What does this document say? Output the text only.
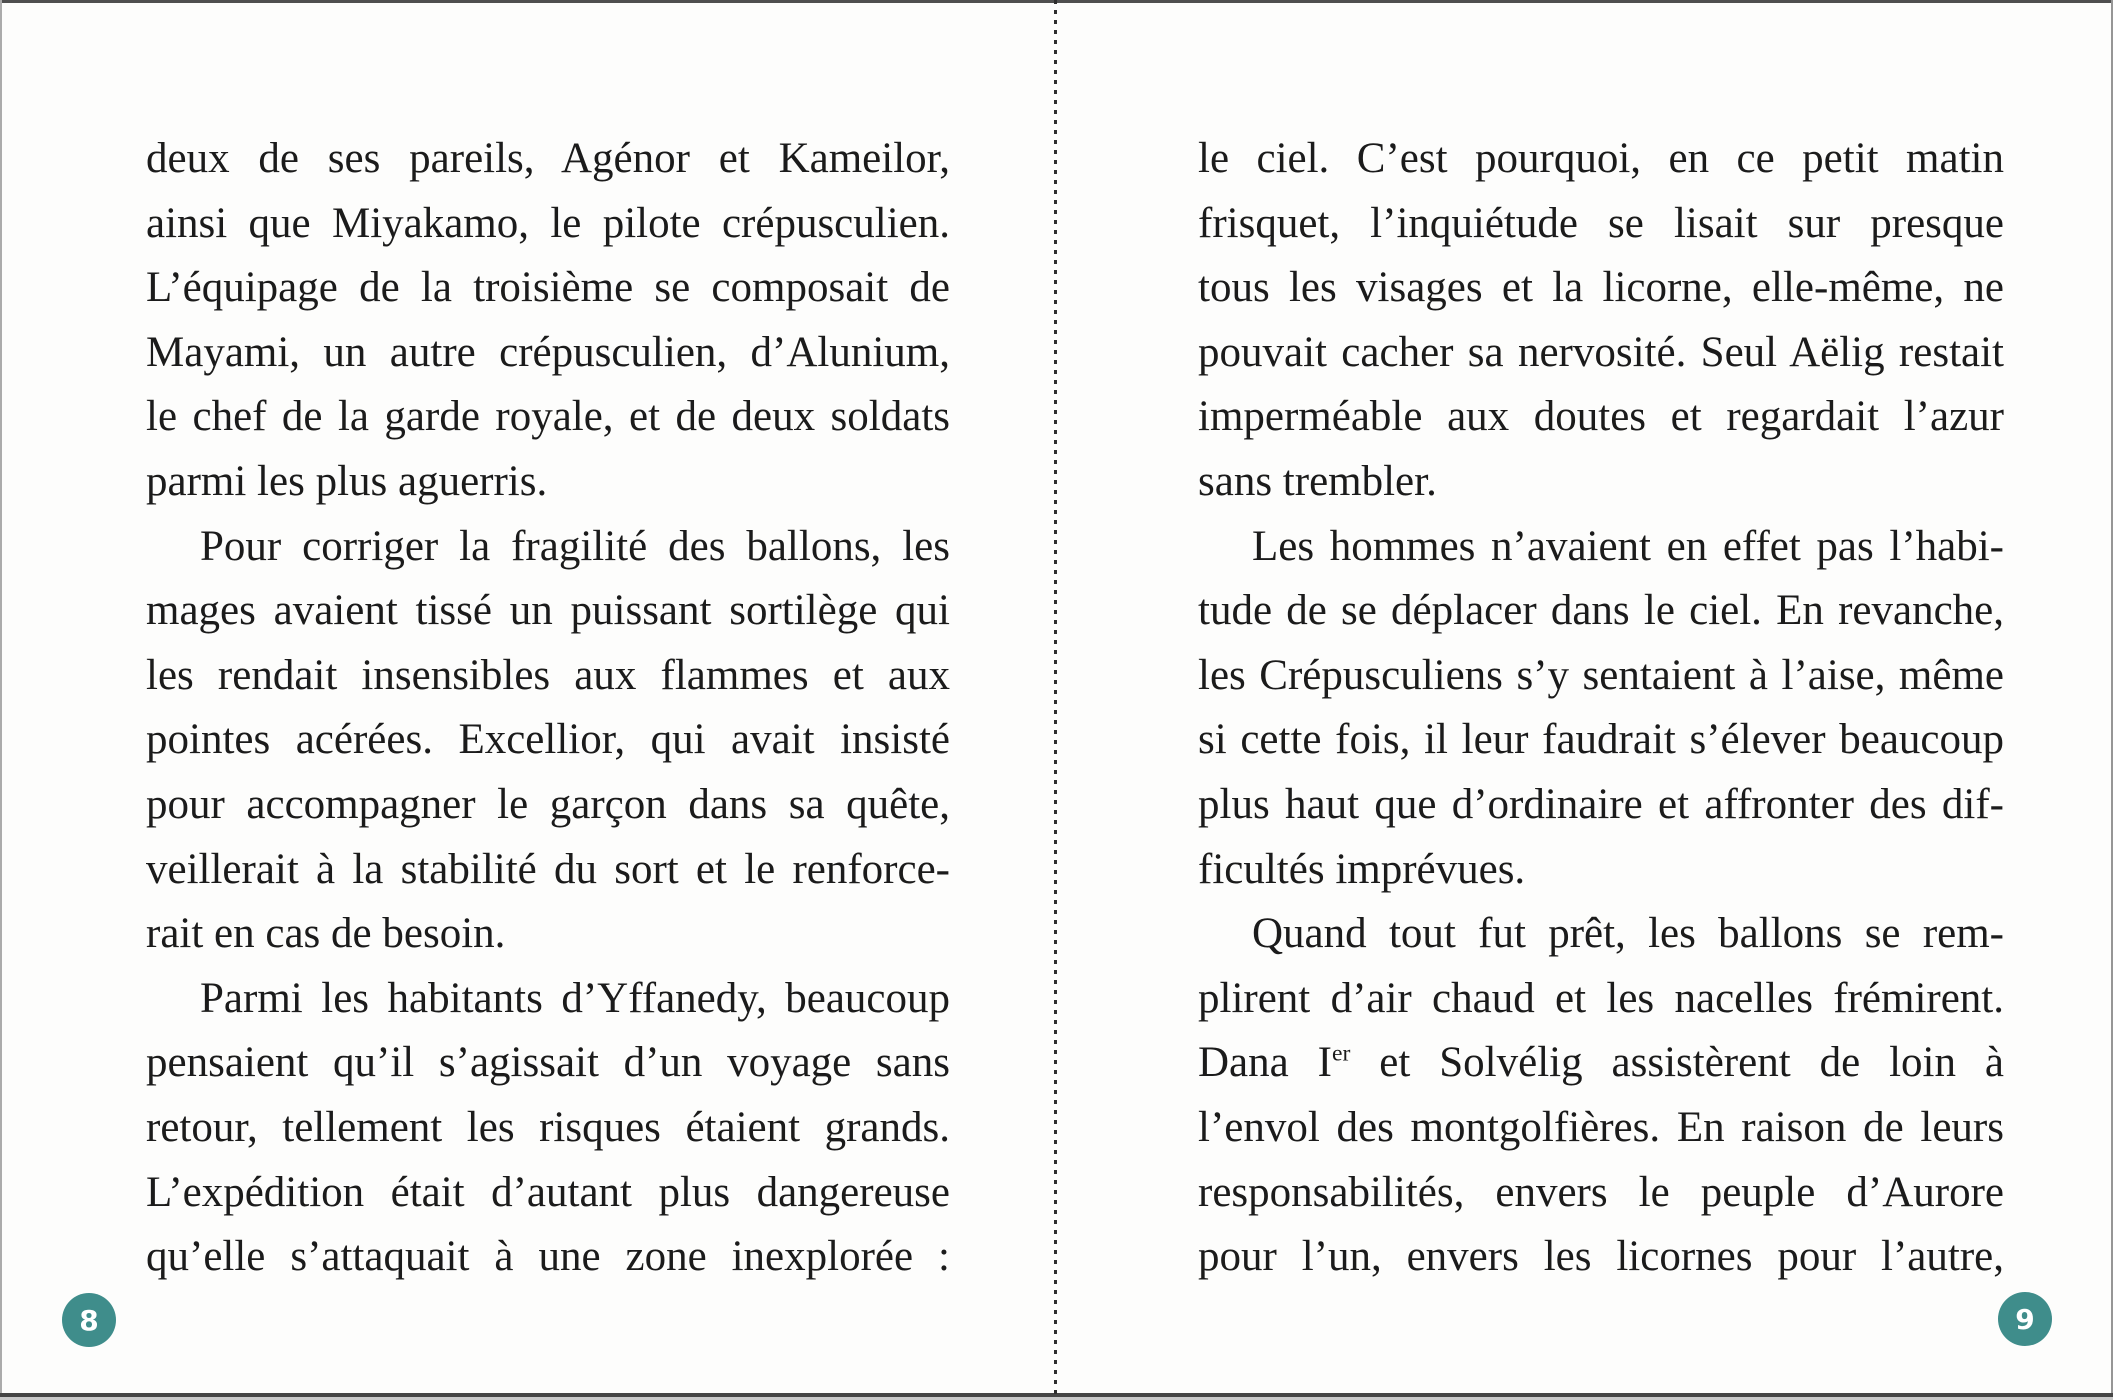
deux de ses pareils, Agénor et Kameilor,
ainsi que Miyakamo, le pilote crépusculien.
L’équipage de la troisième se composait de
Mayami, un autre crépusculien, d’Alunium,
le chef de la garde royale, et de deux soldats
parmi les plus aguerris.
Pour corriger la fragilité des ballons, les
mages avaient tissé un puissant sortilège qui
les rendait insensibles aux flammes et aux
pointes acérées. Excellior, qui avait insisté
pour accompagner le garçon dans sa quête,
veillerait à la stabilité du sort et le renforce-
rait en cas de besoin.
Parmi les habitants d’Yffanedy, beaucoup
pensaient qu’il s’agissait d’un voyage sans
retour, tellement les risques étaient grands.
L’expédition était d’autant plus dangereuse
qu’elle s’attaquait à une zone inexplorée :
8
le ciel. C’est pourquoi, en ce petit matin
frisquet, l’inquiétude se lisait sur presque
tous les visages et la licorne, elle-même, ne
pouvait cacher sa nervosité. Seul Aëlig restait
imperméable aux doutes et regardait l’azur
sans trembler.
Les hommes n’avaient en effet pas l’habi-
tude de se déplacer dans le ciel. En revanche,
les Crépusculiens s’y sentaient à l’aise, même
si cette fois, il leur faudrait s’élever beaucoup
plus haut que d’ordinaire et affronter des dif-
ficultés imprévues.
Quand tout fut prêt, les ballons se rem-
plirent d’air chaud et les nacelles frémirent.
Dana Ier et Solvélig assistèrent de loin à
l’envol des montgolfières. En raison de leurs
responsabilités, envers le peuple d’Aurore
pour l’un, envers les licornes pour l’autre,
9
